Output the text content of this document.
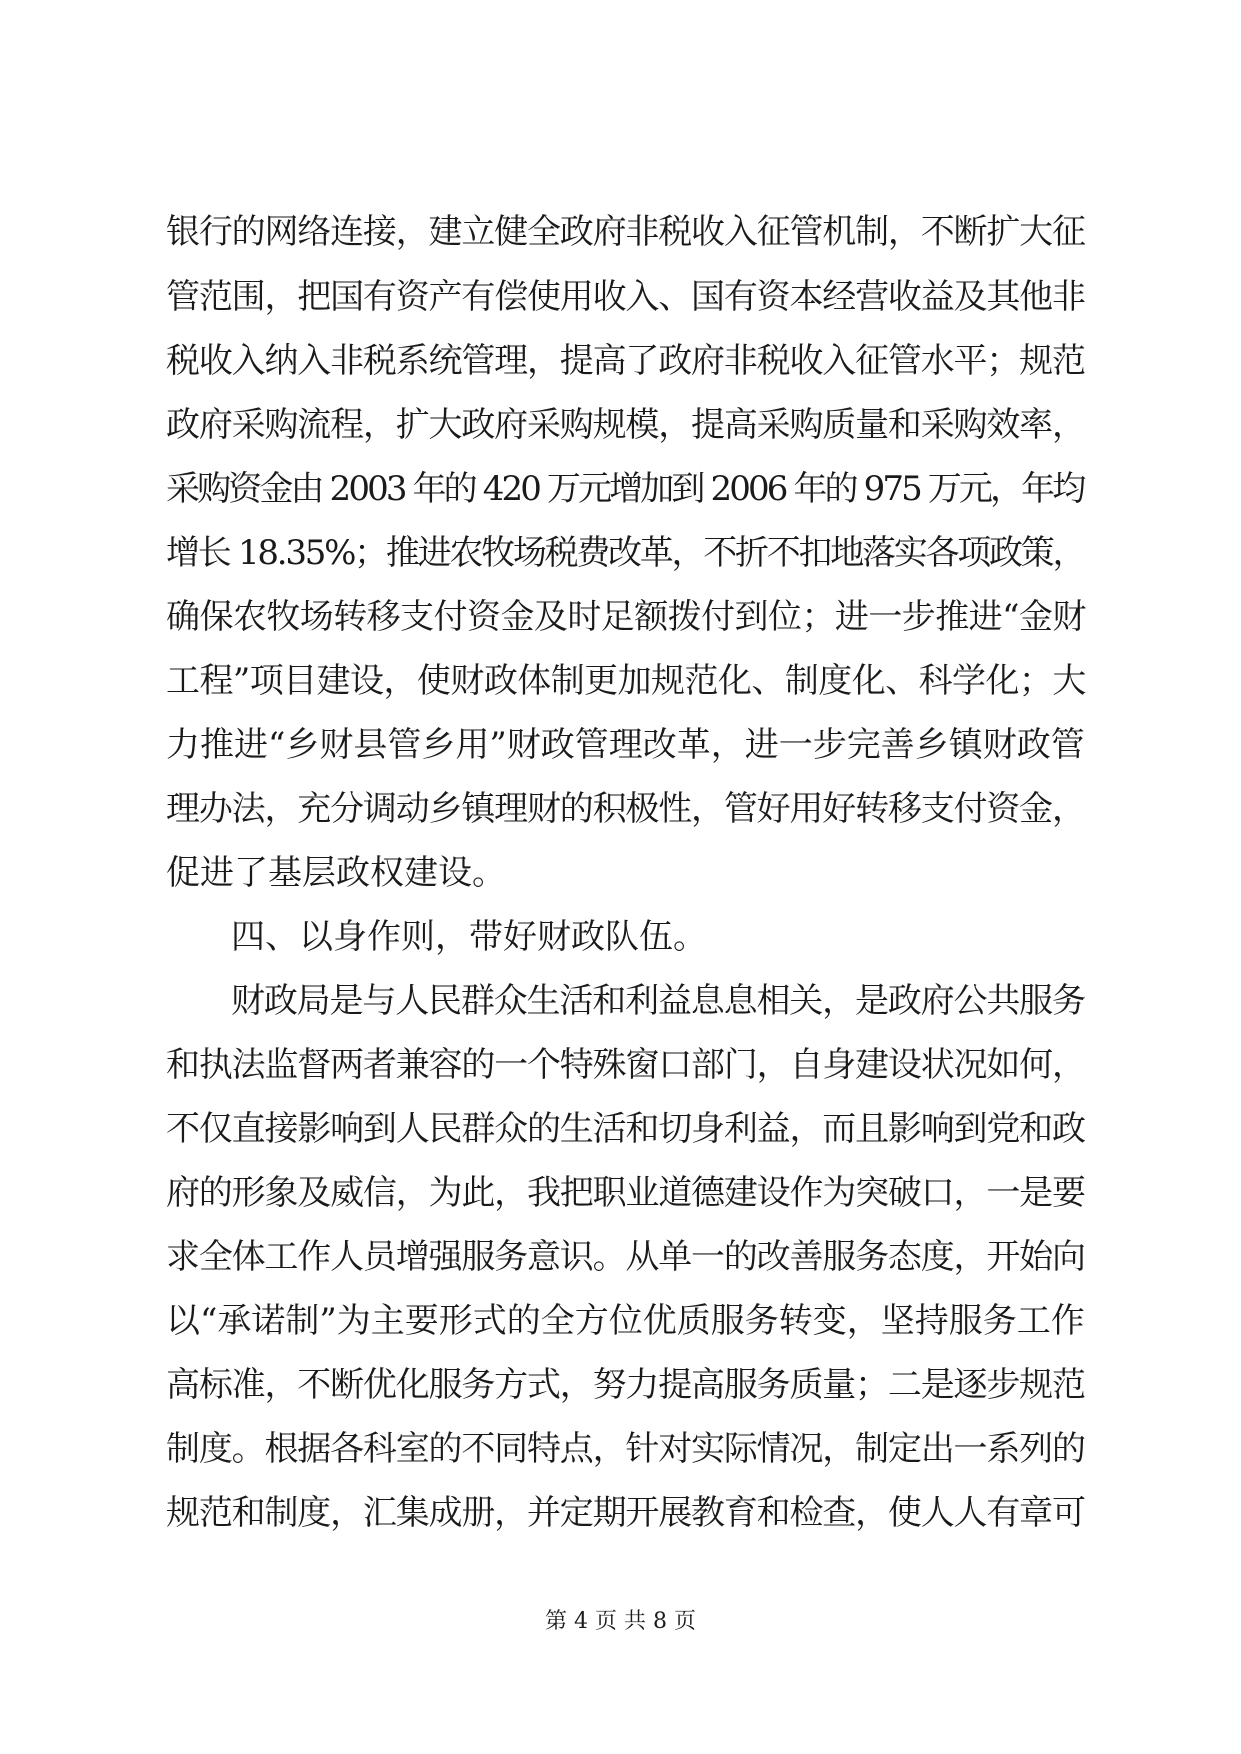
银行的网络连接，建立健全政府非税收入征管机制，不断扩大征
管范围，把国有资产有偿使用收入、国有资本经营收益及其他非
税收入纳入非税系统管理，提高了政府非税收入征管水平；规范
政府采购流程，扩大政府采购规模，提高采购质量和采购效率，
采购资金由 2003 年的 420 万元增加到 2006 年的 975 万元，年均
增长 18.35%；推进农牧场税费改革，不折不扣地落实各项政策，
确保农牧场转移支付资金及时足额拨付到位；进一步推进“金财
工程”项目建设，使财政体制更加规范化、制度化、科学化；大
力推进“乡财县管乡用”财政管理改革，进一步完善乡镇财政管
理办法，充分调动乡镇理财的积极性，管好用好转移支付资金，
促进了基层政权建设。
四、以身作则，带好财政队伍。
财政局是与人民群众生活和利益息息相关，是政府公共服务
和执法监督两者兼容的一个特殊窗口部门，自身建设状况如何，
不仅直接影响到人民群众的生活和切身利益，而且影响到党和政
府的形象及威信，为此，我把职业道德建设作为突破口，一是要
求全体工作人员增强服务意识。从单一的改善服务态度，开始向
以“承诺制”为主要形式的全方位优质服务转变，坚持服务工作
高标准，不断优化服务方式，努力提高服务质量；二是逐步规范
制度。根据各科室的不同特点，针对实际情况，制定出一系列的
规范和制度，汇集成册，并定期开展教育和检查，使人人有章可
第 4 页 共 8 页
